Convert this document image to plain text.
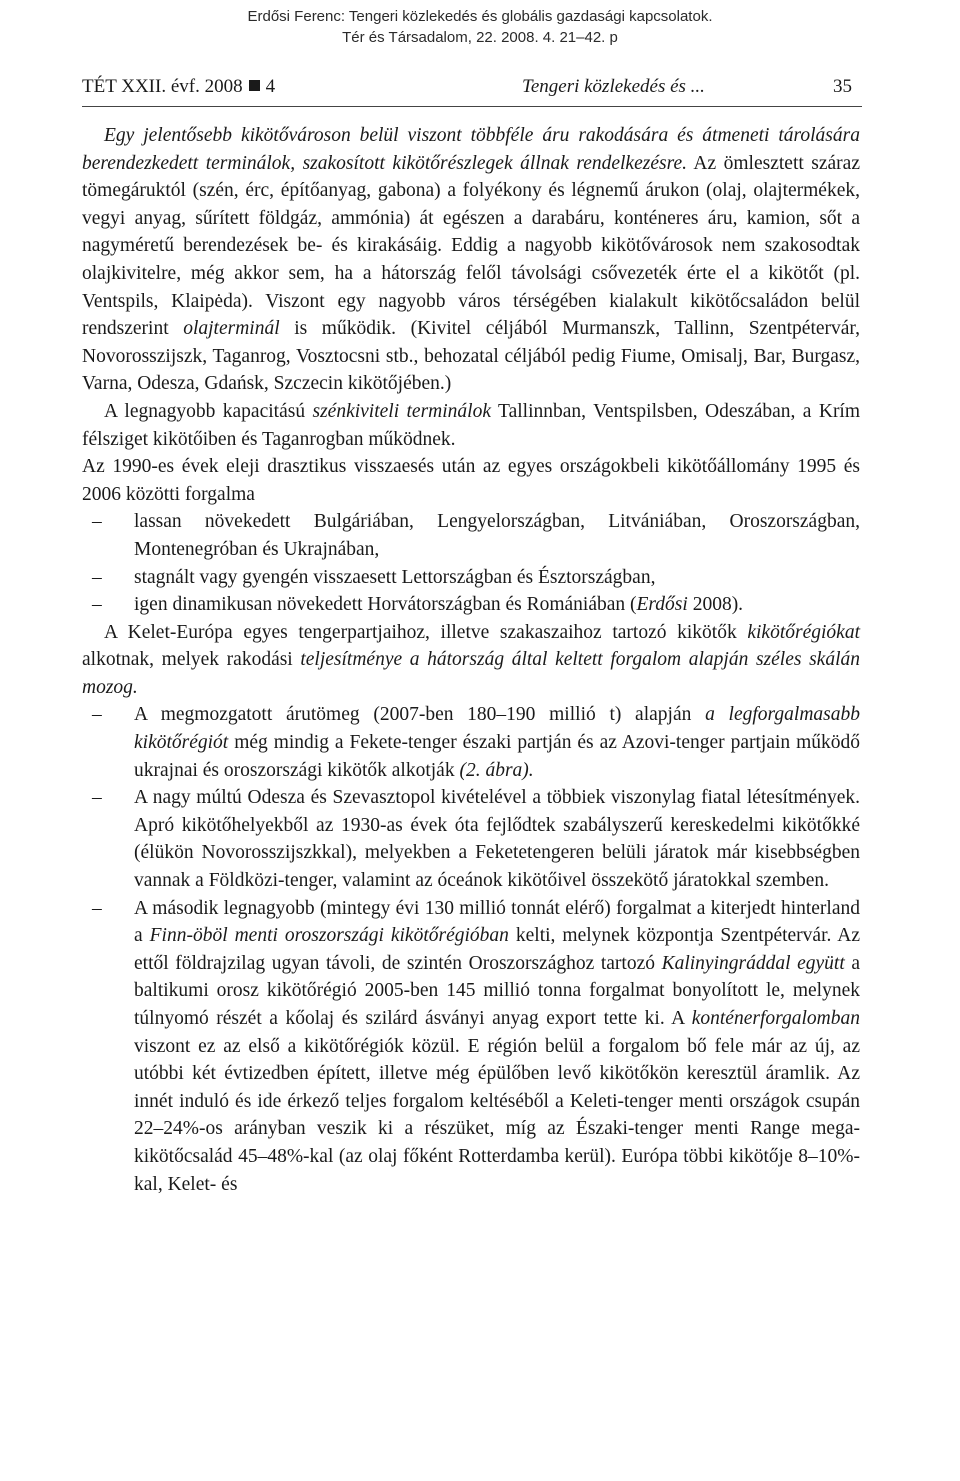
Erdősi Ferenc: Tengeri közlekedés és globális gazdasági kapcsolatok.
Tér és Társadalom, 22. 2008. 4. 21–42. p
TÉT XXII. évf. 2008 4	Tengeri közlekedés és ...	35

Egy jelentősebb kikötővároson belül viszont többféle áru rakodására és átmeneti tárolására berendezkedett terminálok, szakosított kikötőrészlegek állnak rendelkezésre. Az ömlesztett száraz tömegáruktól (szén, érc, építőanyag, gabona) a folyékony és légnemű árukon (olaj, olajtermékek, vegyi anyag, sűrített földgáz, ammónia) át egészen a darabáru, konténeres áru, kamion, sőt a nagyméretű berendezések be- és kirakásáig. Eddig a nagyobb kikötővárosok nem szakosodtak olajkivitelre, még akkor sem, ha a hátország felől távolsági csővezeték érte el a kikötőt (pl. Ventspils, Klaipėda). Viszont egy nagyobb város térségében kialakult kikötőcsaládon belül rendszerint olajterminál is működik. (Kivitel céljából Murmanszk, Tallinn, Szentpétervár, Novorosszijszk, Taganrog, Vosztocsni stb., behozatal céljából pedig Fiume, Omisalj, Bar, Burgasz, Varna, Odesza, Gdańsk, Szczecin kikötőjében.)

A legnagyobb kapacitású szénkiviteli terminálok Tallinnban, Ventspilsben, Odeszában, a Krím félsziget kikötőiben és Taganrogban működnek.

Az 1990-es évek eleji drasztikus visszaesés után az egyes országokbeli kikötőállomány 1995 és 2006 közötti forgalma

– lassan növekedett Bulgáriában, Lengyelországban, Litvániában, Oroszországban, Montenegróban és Ukrajnában,
– stagnált vagy gyengén visszaesett Lettországban és Észtországban,
– igen dinamikusan növekedett Horvátországban és Romániában (Erdősi 2008).

A Kelet-Európa egyes tengerpartjaihoz, illetve szakaszaihoz tartozó kikötők kikötőrégiókat alkotnak, melyek rakodási teljesítménye a hátország által keltett forgalom alapján széles skálán mozog.

– A megmozgatott árutömeg (2007-ben 180–190 millió t) alapján a legforgalmasabb kikötőrégiót még mindig a Fekete-tenger északi partján és az Azovi-tenger partjain működő ukrajnai és oroszországi kikötők alkotják (2. ábra).
– A nagy múltú Odesza és Szevasztopol kivételével a többiek viszonylag fiatal létesítmények. Apró kikötőhelyekből az 1930-as évek óta fejlődtek szabályszerű kereskedelmi kikötőkké (élükön Novorosszijszkkal), melyekben a Feketetengeren belüli járatok már kisebbségben vannak a Földközi-tenger, valamint az óceánok kikötőivel összekötő járatokkal szemben.
– A második legnagyobb (mintegy évi 130 millió tonnát elérő) forgalmat a kiterjedt hinterland a Finn-öböl menti oroszországi kikötőrégióban kelti, melynek központja Szentpétervár. Az ettől földrajzilag ugyan távoli, de szintén Oroszországhoz tartozó Kalinyingráddal együtt a baltikumi orosz kikötőrégió 2005-ben 145 millió tonna forgalmat bonyolított le, melynek túlnyomó részét a kőolaj és szilárd ásványi anyag export tette ki. A konténerforgalomban viszont ez az első a kikötőrégiók közül. E régión belül a forgalom bő fele már az új, az utóbbi két évtizedben épített, illetve még épülőben levő kikötőkön keresztül áramlik. Az innét induló és ide érkező teljes forgalom keltéséből a Keleti-tenger menti országok csupán 22–24%-os arányban veszik ki a részüket, míg az Északi-tenger menti Range mega-kikötőcsalád 45–48%-kal (az olaj főként Rotterdamba kerül). Európa többi kikötője 8–10%-kal, Kelet- és
